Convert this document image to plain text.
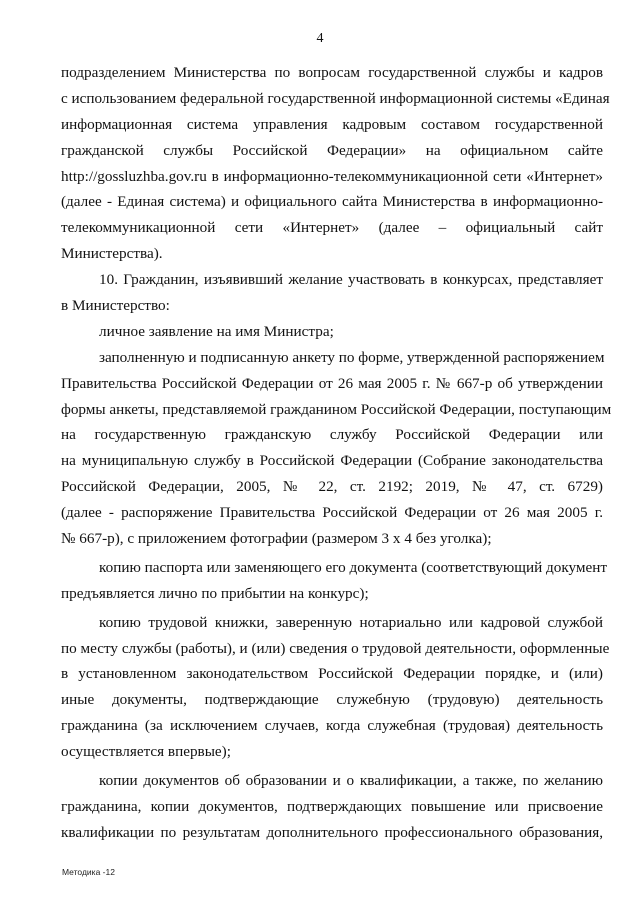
4
подразделением Министерства по вопросам государственной службы и кадров
с использованием федеральной государственной информационной системы «Единая
информационная система управления кадровым составом государственной
гражданской службы Российской Федерации» на официальном сайте
http://gossluzhba.gov.ru в информационно-телекоммуникационной сети «Интернет»
(далее - Единая система) и официального сайта Министерства в информационно-
телекоммуникационной сети «Интернет» (далее – официальный сайт
Министерства).
10. Гражданин, изъявивший желание участвовать в конкурсах, представляет
в Министерство:
личное заявление на имя Министра;
заполненную и подписанную анкету по форме, утвержденной распоряжением
Правительства Российской Федерации от 26 мая 2005 г. № 667-р об утверждении
формы анкеты, представляемой гражданином Российской Федерации, поступающим
на государственную гражданскую службу Российской Федерации или
на муниципальную службу в Российской Федерации (Собрание законодательства
Российской Федерации, 2005, № 22, ст. 2192; 2019, № 47, ст. 6729)
(далее - распоряжение Правительства Российской Федерации от 26 мая 2005 г.
№ 667-р), с приложением фотографии (размером 3 х 4 без уголка);
копию паспорта или заменяющего его документа (соответствующий документ
предъявляется лично по прибытии на конкурс);
копию трудовой книжки, заверенную нотариально или кадровой службой
по месту службы (работы), и (или) сведения о трудовой деятельности, оформленные
в установленном законодательством Российской Федерации порядке, и (или)
иные документы, подтверждающие служебную (трудовую) деятельность
гражданина (за исключением случаев, когда служебная (трудовая) деятельность
осуществляется впервые);
копии документов об образовании и о квалификации, а также, по желанию
гражданина, копии документов, подтверждающих повышение или присвоение
квалификации по результатам дополнительного профессионального образования,
Методика -12
